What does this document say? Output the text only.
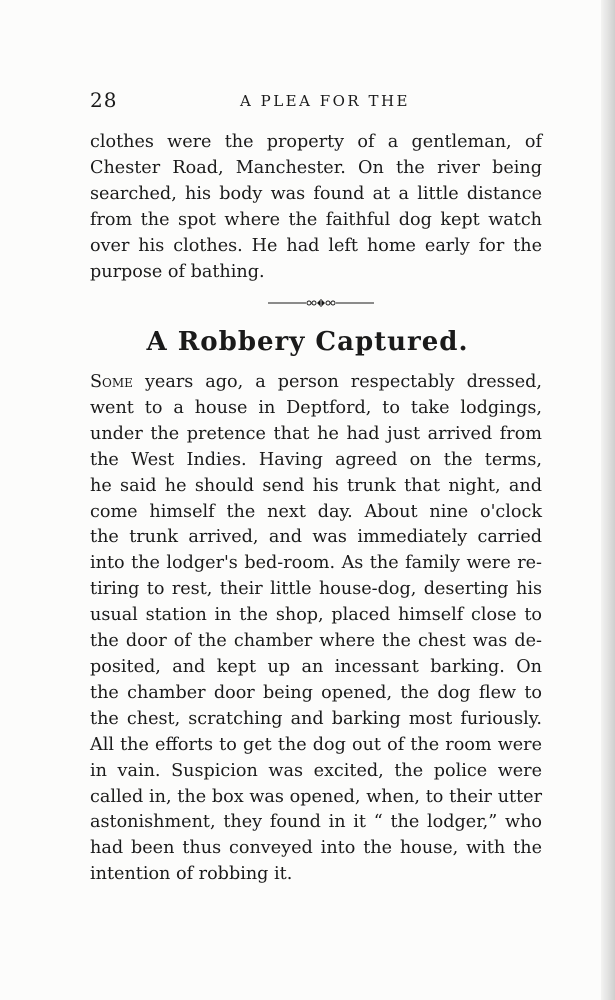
28	A PLEA FOR THE
clothes were the property of a gentleman, of
Chester Road, Manchester. On the river being
searched, his body was found at a little distance
from the spot where the faithful dog kept watch
over his clothes. He had left home early for the
purpose of bathing.
A Robbery Captured.
Some years ago, a person respectably dressed,
went to a house in Deptford, to take lodgings,
under the pretence that he had just arrived from
the West Indies. Having agreed on the terms,
he said he should send his trunk that night, and
come himself the next day. About nine o'clock
the trunk arrived, and was immediately carried
into the lodger's bed-room. As the family were re-
tiring to rest, their little house-dog, deserting his
usual station in the shop, placed himself close to
the door of the chamber where the chest was de-
posited, and kept up an incessant barking. On
the chamber door being opened, the dog flew to
the chest, scratching and barking most furiously.
All the efforts to get the dog out of the room were
in vain. Suspicion was excited, the police were
called in, the box was opened, when, to their utter
astonishment, they found in it “ the lodger,” who
had been thus conveyed into the house, with the
intention of robbing it.
